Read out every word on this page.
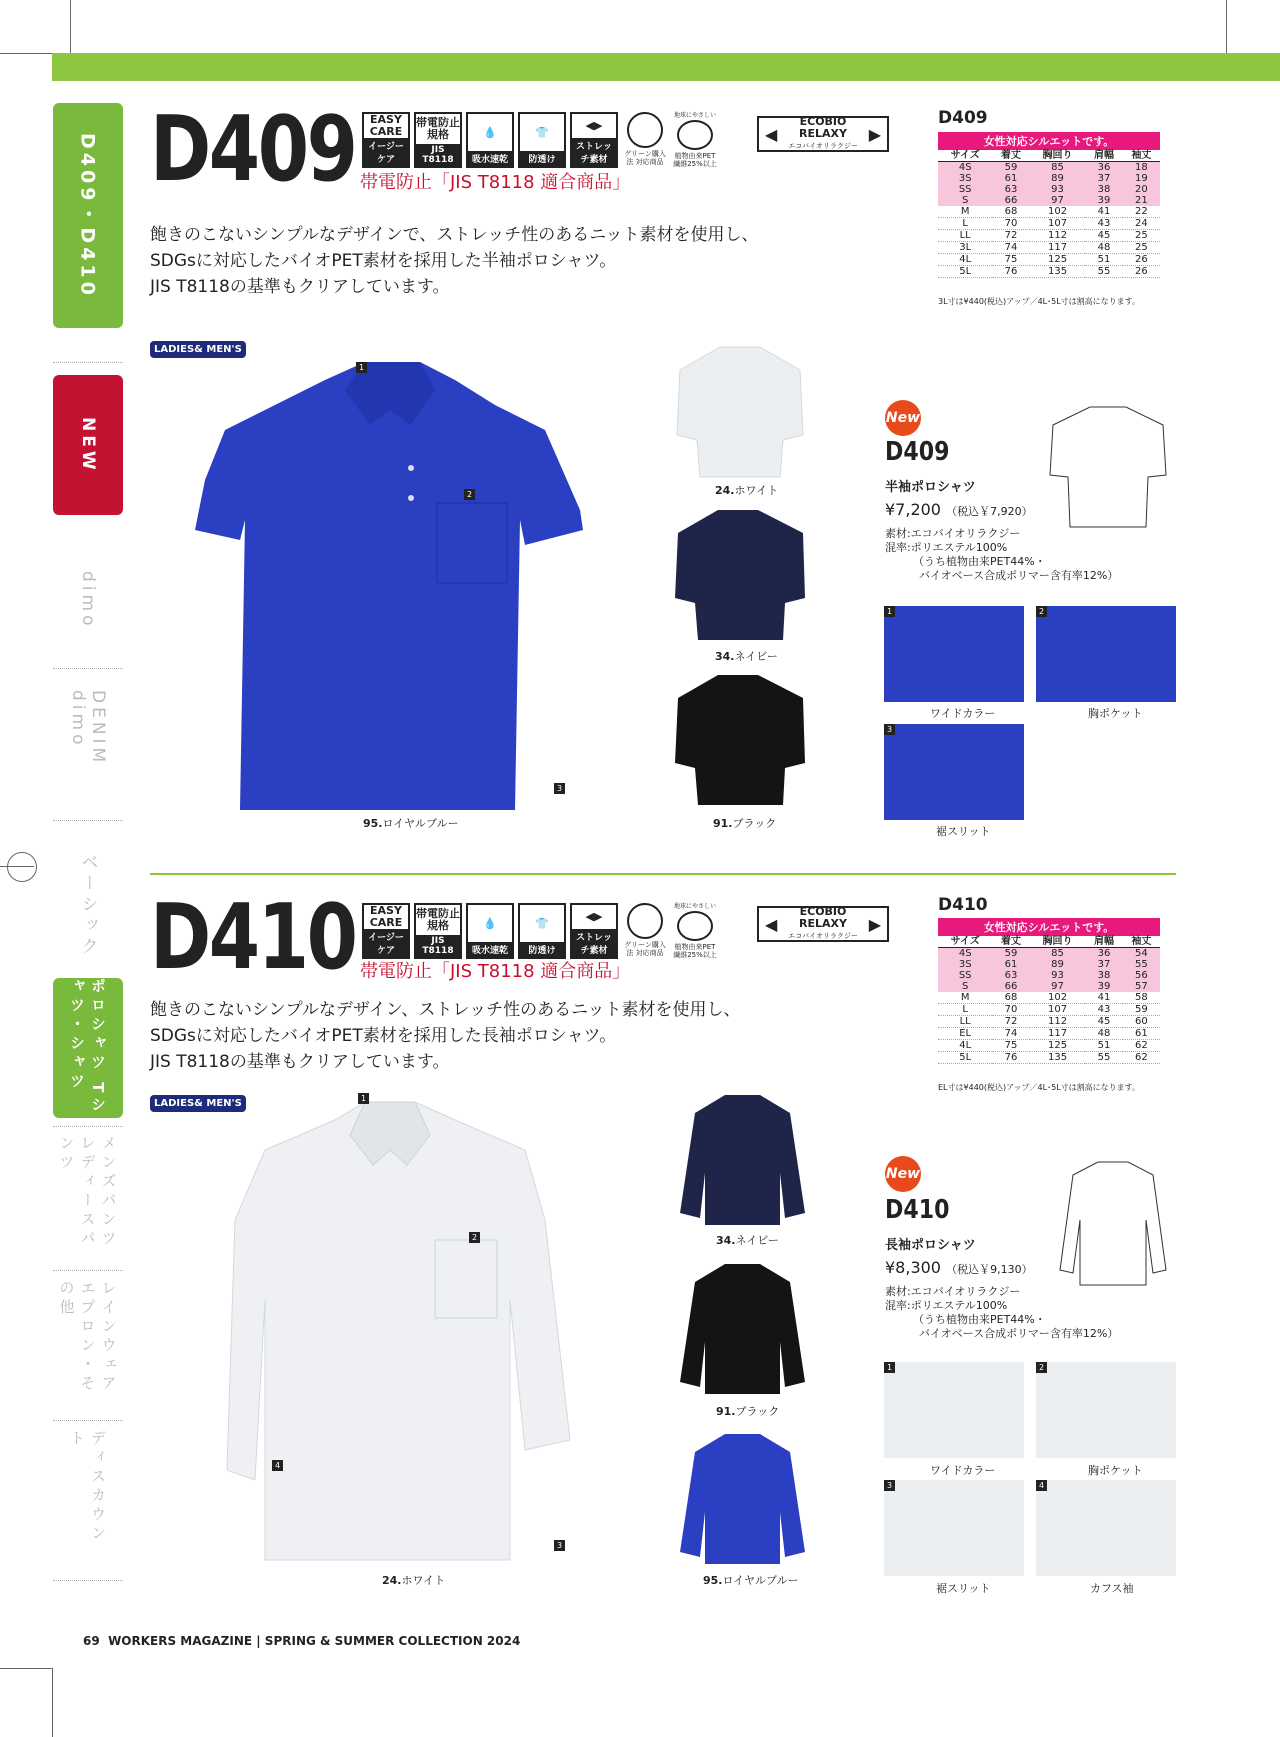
D409・D410
NEW
dimo
DENIM dimo
ベーシック
ポロシャツ Tシャツ・シャツ
メンズパンツ レディースパンツ
レインウェア エプロン・その他
ディスカウント
D409	EASY CARE
イージーケア
帯電防止 規格
JIS T8118
💧
吸水速乾
👕
防透け
◀▶
ストレッチ素材
グリーン購入法 対応商品
地球にやさしい
植物由来PET 繊維25%以上
◀
ECOBIO RELAXY
エコバイオリラクジー
▶
帯電防止「JIS T8118 適合商品」
飽きのこないシンプルなデザインで、ストレッチ性のあるニット素材を使用し、
SDGsに対応したバイオPET素材を採用した半袖ポロシャツ。
JIS T8118の基準もクリアしています。
LADIES& MEN'S
1
2
3
95.ロイヤルブルー
24.ホワイト
34.ネイビー
91.ブラック
New
D409
半袖ポロシャツ
¥7,200 （税込￥7,920）
素材:エコバイオリラクジー
混率:ポリエステル100%
（うち植物由来PET44%・
バイオベース合成ポリマー含有率12%）
1
ワイドカラー
2
胸ポケット
3
裾スリット
D409
女性対応シルエットです。				
サイズ	着丈	胸回り	肩幅	袖丈
4S	59	85	36	18
3S	61	89	37	19
SS	63	93	38	20
S	66	97	39	21
M	68	102	41	22
L	70	107	43	24
LL	72	112	45	25
3L	74	117	48	25
4L	75	125	51	26
5L	76	135	55	26
3L寸は¥440(税込)アップ／4L･5L寸は割高になります。
D410	EASY CARE
イージーケア
帯電防止 規格
JIS T8118
💧
吸水速乾
👕
防透け
◀▶
ストレッチ素材
グリーン購入法 対応商品
地球にやさしい
植物由来PET 繊維25%以上
◀
ECOBIO RELAXY
エコバイオリラクジー
▶
帯電防止「JIS T8118 適合商品」
飽きのこないシンプルなデザイン、ストレッチ性のあるニット素材を使用し、
SDGsに対応したバイオPET素材を採用した長袖ポロシャツ。
JIS T8118の基準もクリアしています。
LADIES& MEN'S	1
2
4
3
24.ホワイト
34.ネイビー
91.ブラック
95.ロイヤルブルー
New
D410
長袖ポロシャツ
¥8,300 （税込￥9,130）
素材:エコバイオリラクジー
混率:ポリエステル100%
（うち植物由来PET44%・
バイオベース合成ポリマー含有率12%）
1
ワイドカラー
2
胸ポケット
3
裾スリット
4
カフス袖
D410
女性対応シルエットです。				
サイズ	着丈	胸回り	肩幅	袖丈
4S	59	85	36	54
3S	61	89	37	55
SS	63	93	38	56
S	66	97	39	57
M	68	102	41	58
L	70	107	43	59
LL	72	112	45	60
EL	74	117	48	61
4L	75	125	51	62
5L	76	135	55	62
EL寸は¥440(税込)アップ／4L･5L寸は割高になります。
69 WORKERS MAGAZINE | SPRING & SUMMER COLLECTION 2024
